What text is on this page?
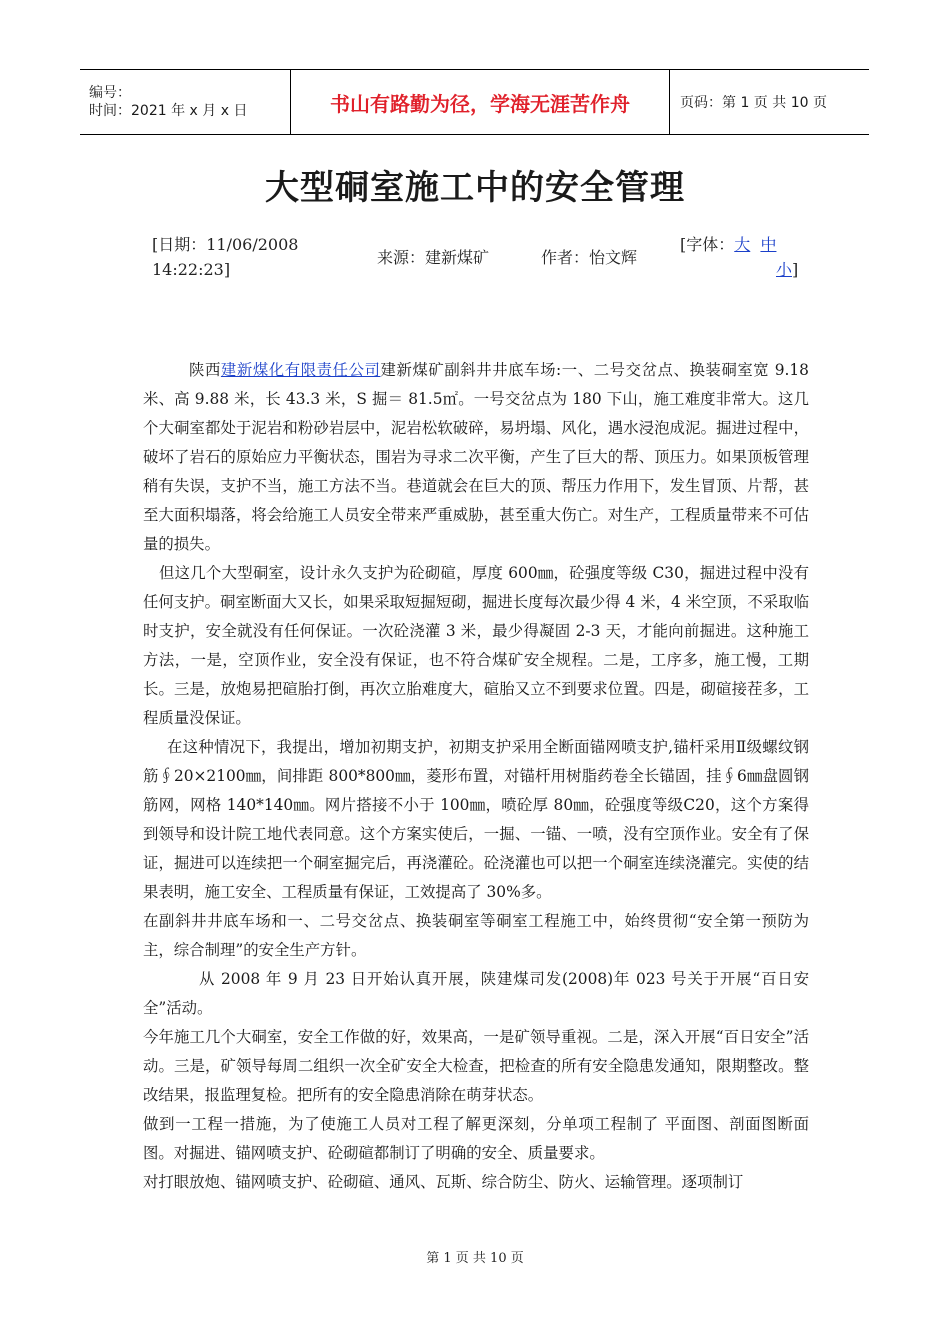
编号：
时间：2021 年 x 月 x 日	书山有路勤为径，学海无涯苦作舟	页码：第 1 页 共 10 页
大型硐室施工中的安全管理
[日期：11/06/2008
14:22:23]
来源：建新煤矿	作者：怡文辉
[字体：大 中
小]

陕西建新煤化有限责任公司建新煤矿副斜井井底车场:一、二号交岔点、换装硐室宽 9.18 米、高 9.88 米，长 43.3 米，S 掘＝ 81.5㎡。一号交岔点为 180 下山，施工难度非常大。这几个大硐室都处于泥岩和粉砂岩层中，泥岩松软破碎，易坍塌、风化，遇水浸泡成泥。掘进过程中，破坏了岩石的原始应力平衡状态，围岩为寻求二次平衡，产生了巨大的帮、顶压力。如果顶板管理稍有失误，支护不当，施工方法不当。巷道就会在巨大的顶、帮压力作用下，发生冒顶、片帮，甚至大面积塌落，将会给施工人员安全带来严重威胁，甚至重大伤亡。对生产，工程质量带来不可估量的损失。

但这几个大型硐室，设计永久支护为砼砌碹，厚度 600㎜，砼强度等级 C30，掘进过程中没有任何支护。硐室断面大又长，如果采取短掘短砌，掘进长度每次最少得 4 米，4 米空顶，不采取临时支护，安全就没有任何保证。一次砼浇灌 3 米，最少得凝固 2-3 天，才能向前掘进。这种施工方法，一是，空顶作业，安全没有保证，也不符合煤矿安全规程。二是，工序多，施工慢，工期长。三是，放炮易把碹胎打倒，再次立胎难度大，碹胎又立不到要求位置。四是，砌碹接茬多，工程质量没保证。

在这种情况下，我提出，增加初期支护，初期支护采用全断面锚网喷支护,锚杆采用Ⅱ级螺纹钢筋∮20×2100㎜，间排距 800*800㎜，菱形布置，对锚杆用树脂药卷全长锚固，挂∮6㎜盘圆钢筋网，网格 140*140㎜。网片搭接不小于 100㎜，喷砼厚 80㎜，砼强度等级C20，这个方案得到领导和设计院工地代表同意。这个方案实使后，一掘、一锚、一喷，没有空顶作业。安全有了保证，掘进可以连续把一个硐室掘完后，再浇灌砼。砼浇灌也可以把一个硐室连续浇灌完。实使的结果表明，施工安全、工程质量有保证，工效提高了 30%多。

在副斜井井底车场和一、二号交岔点、换装硐室等硐室工程施工中，始终贯彻“安全第一预防为主，综合制理”的安全生产方针。

从 2008 年 9 月 23 日开始认真开展，陕建煤司发(2008)年 023 号关于开展“百日安全”活动。

今年施工几个大硐室，安全工作做的好，效果高，一是矿领导重视。二是，深入开展“百日安全”活动。三是，矿领导每周二组织一次全矿安全大检查，把检查的所有安全隐患发通知，限期整改。整改结果，报监理复检。把所有的安全隐患消除在萌芽状态。

做到一工程一措施，为了使施工人员对工程了解更深刻，分单项工程制了 平面图、剖面图断面图。对掘进、锚网喷支护、砼砌碹都制订了明确的安全、质量要求。

对打眼放炮、锚网喷支护、砼砌碹、通风、瓦斯、综合防尘、防火、运输管理。逐项制订

第 1 页 共 10 页
